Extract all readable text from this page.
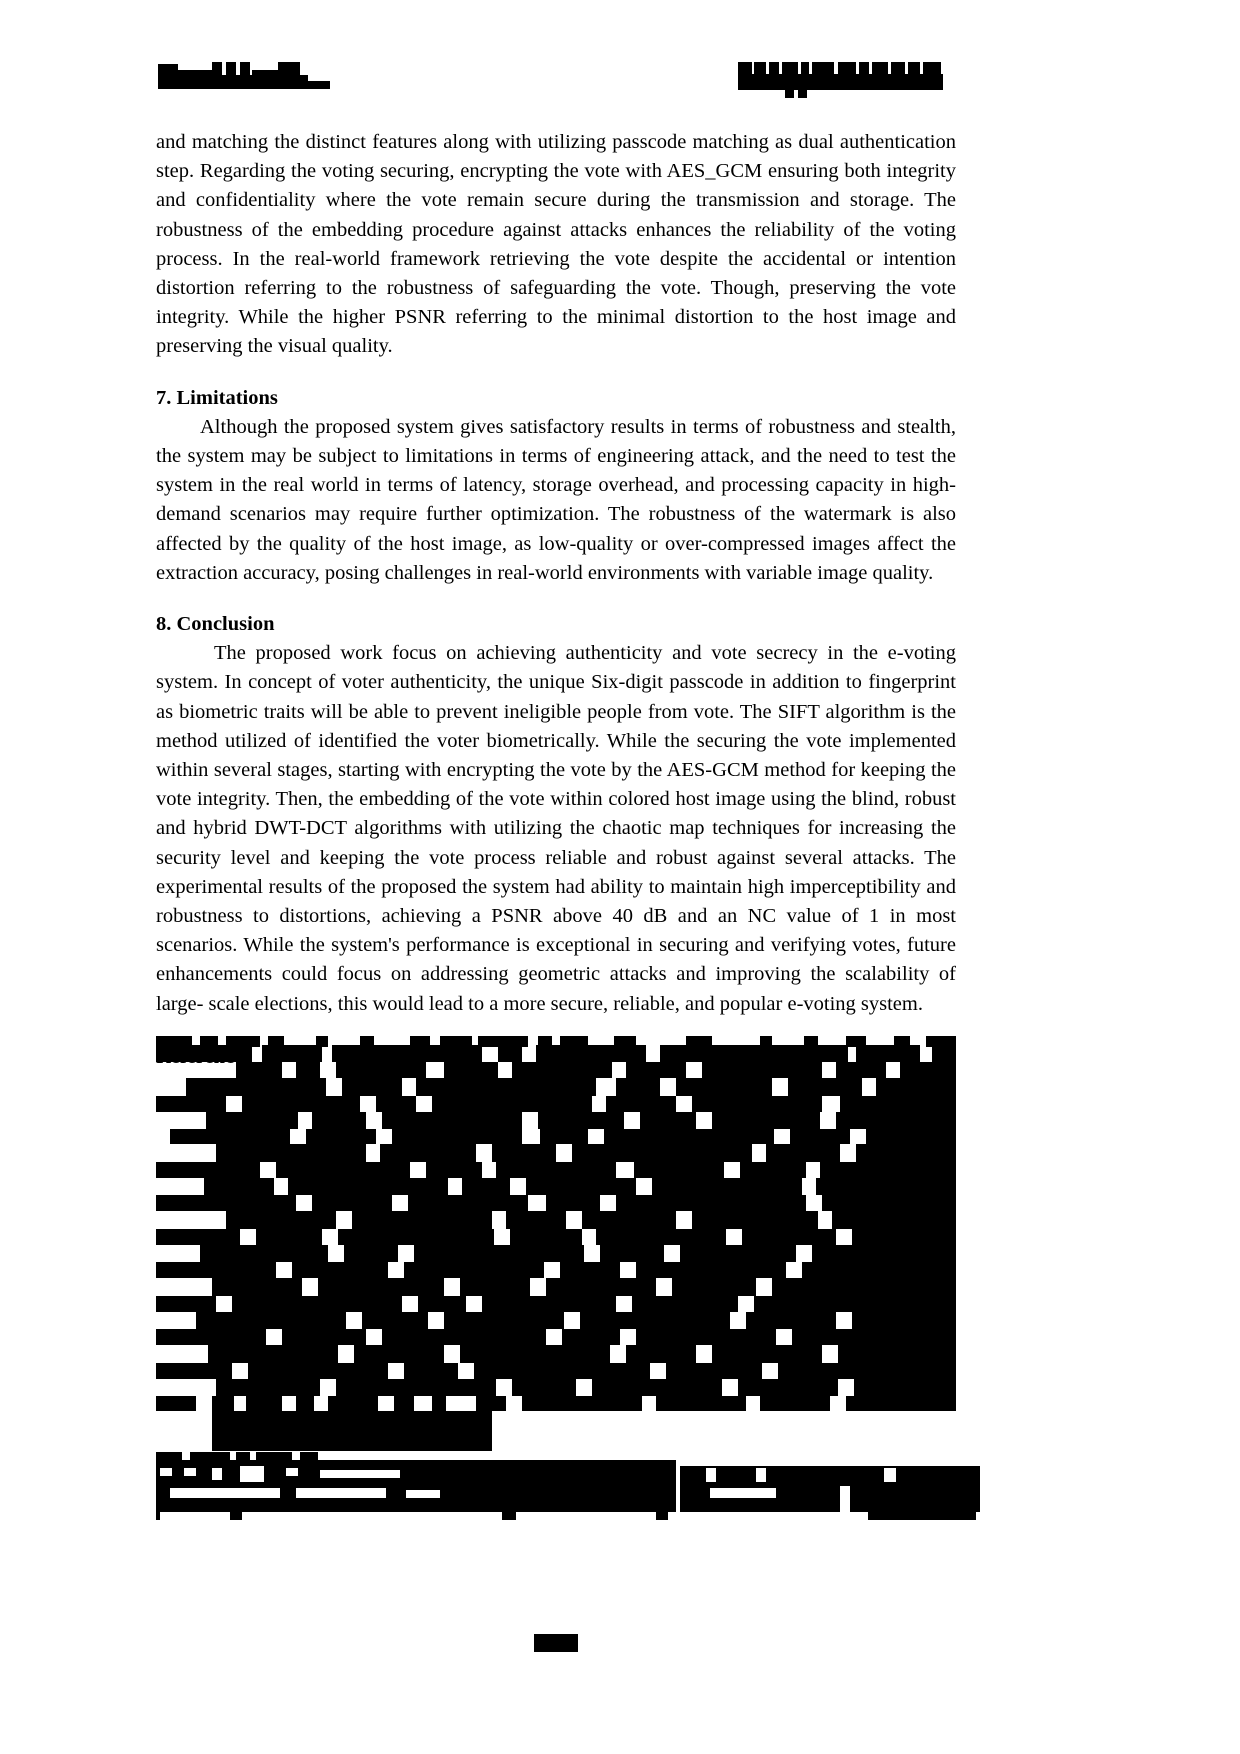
and matching the distinct features along with utilizing passcode matching as dual authentication step. Regarding the voting securing, encrypting the vote with AES_GCM ensuring both integrity and confidentiality where the vote remain secure during the transmission and storage. The robustness of the embedding procedure against attacks enhances the reliability of the voting process. In the real-world framework retrieving the vote despite the accidental or intention distortion referring to the robustness of safeguarding the vote. Though, preserving the vote integrity. While the higher PSNR referring to the minimal distortion to the host image and preserving the visual quality.

7. Limitations

Although the proposed system gives satisfactory results in terms of robustness and stealth, the system may be subject to limitations in terms of engineering attack, and the need to test the system in the real world in terms of latency, storage overhead, and processing capacity in high-demand scenarios may require further optimization. The robustness of the watermark is also affected by the quality of the host image, as low-quality or over-compressed images affect the extraction accuracy, posing challenges in real-world environments with variable image quality.

8. Conclusion

The proposed work focus on achieving authenticity and vote secrecy in the e-voting system. In concept of voter authenticity, the unique Six-digit passcode in addition to fingerprint as biometric traits will be able to prevent ineligible people from vote. The SIFT algorithm is the method utilized of identified the voter biometrically. While the securing the vote implemented within several stages, starting with encrypting the vote by the AES-GCM method for keeping the vote integrity. Then, the embedding of the vote within colored host image using the blind, robust and hybrid DWT-DCT algorithms with utilizing the chaotic map techniques for increasing the security level and keeping the vote process reliable and robust against several attacks. The experimental results of the proposed the system had ability to maintain high imperceptibility and robustness to distortions, achieving a PSNR above 40 dB and an NC value of 1 in most scenarios. While the system's performance is exceptional in securing and verifying votes, future enhancements could focus on addressing geometric attacks and improving the scalability of large- scale elections, this would lead to a more secure, reliable, and popular e-voting system.
